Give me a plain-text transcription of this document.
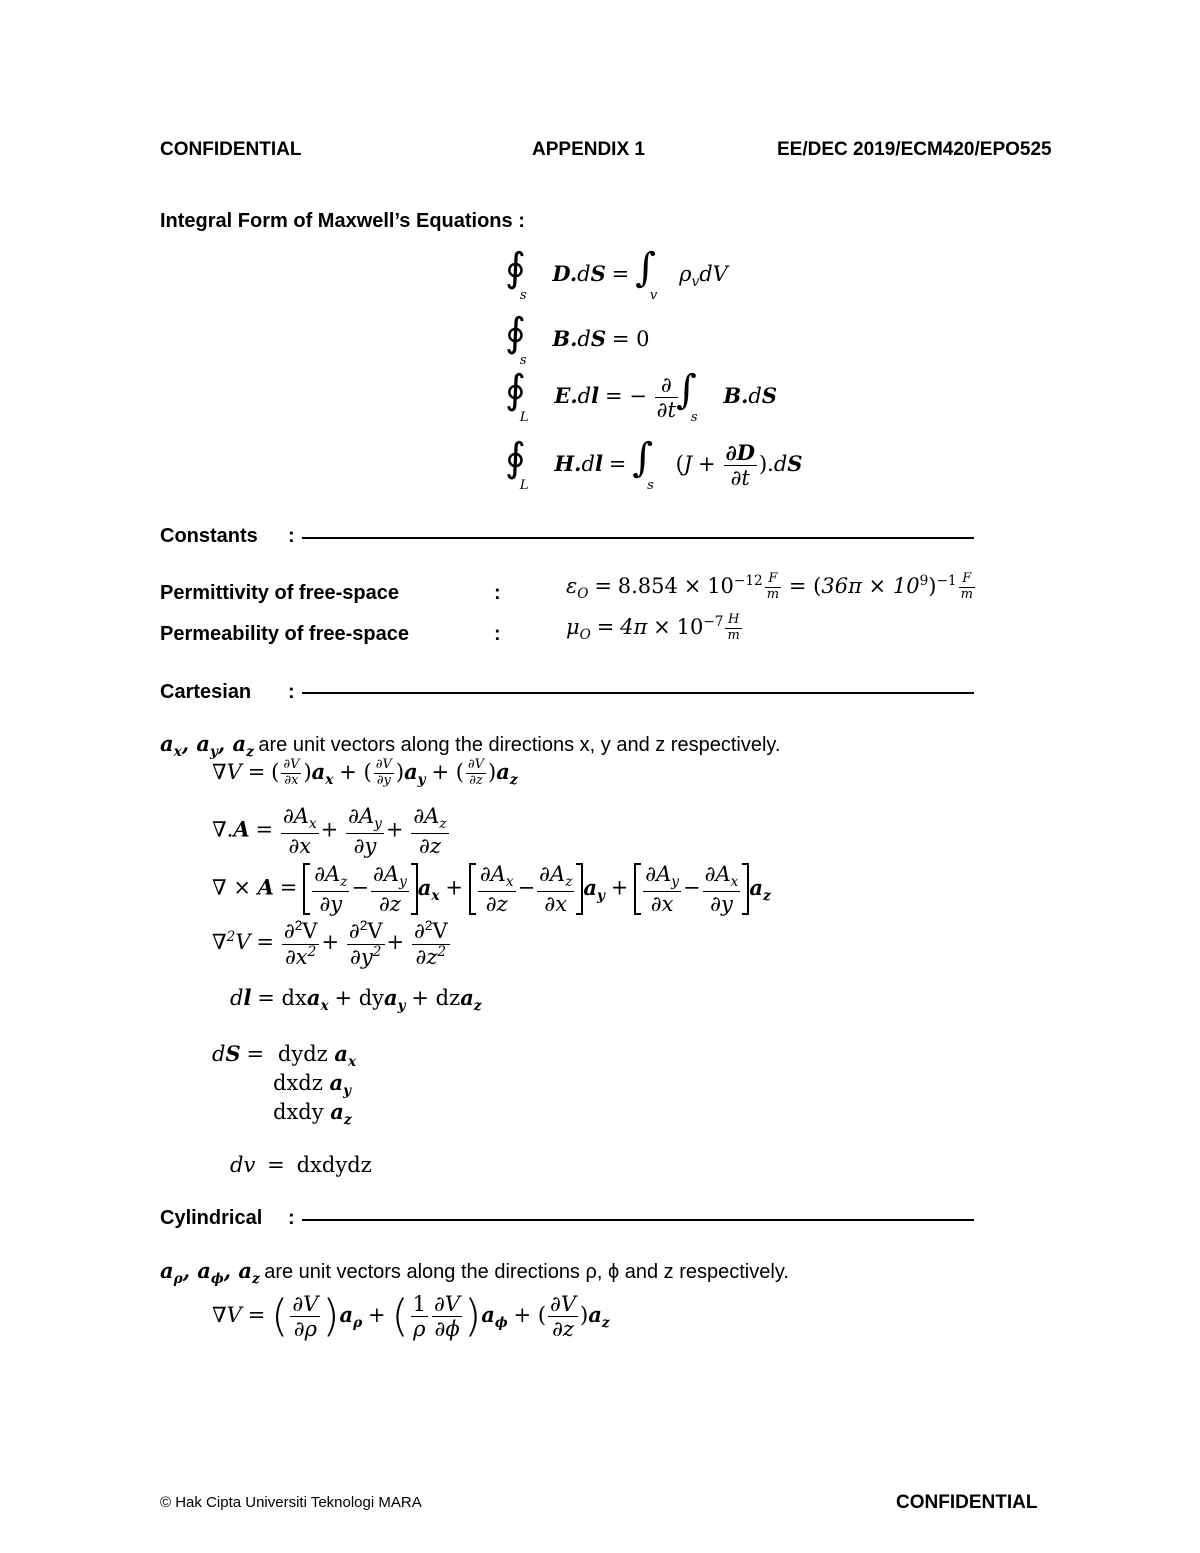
CONFIDENTIAL	APPENDIX 1	EE/DEC 2019/ECM420/EPO525
Integral Form of Maxwell’s Equations :
$∮_s$ $D.dS = \int_v$ $\rho_vdV$
$∮_s$ B.dS = 0
$∮_L$ E.dl = − $\frac{\partial}{\partial t}$
$\int_s$ B.dS
$∮_L$ $H.dl = \int_s$ $(J + \frac{\partial D}{\partial t} ).dS$
Constants :
Permittivity of free-space	:	$\varepsilon_O = 8.854 \times 10^{-12} \frac{F}{m} = (36\pi \times 10^9)^{-1} \frac{F}{m}$
Permeability of free-space	:	$\mu_O = 4\pi \times 10^{-7} \frac{H}{m}$
Cartesian :
$a_x$, $a_y$, $a_z$ are unit vectors along the directions x, y and z respectively.
∇V = ( $\frac{\partial V}{\partial x} )a_x$ + ( $\frac{\partial V}{\partial y} )a_y$ + ( $\frac{\partial V}{\partial z} )a_z$
$\nabla.A = \frac{\partial A_x}{\partial x} + \frac{\partial A_y}{\partial y} + \frac{\partial A_z}{\partial z}$
∇ × $A = \frac{\partial A_z}{\partial y} - \frac{\partial A_y}{\partial z} a_x + \frac{\partial A_x}{\partial z} - \frac{\partial A_z}{\partial x} a_y + \frac{\partial A_y}{\partial x} - \frac{\partial A_x}{\partial y} a_z$
$\nabla^2V = \frac{\partial^2V}{\partial x^2} + \frac{\partial^2V}{\partial y^2} + \frac{\partial^2V}{\partial z^2}$
dl = dxa$_x$ + dya$_y$ + dza$_z$
dS = dydz $a_x$
dxdz $a_y$
dxdy $a_z$
dv = dxdydz
Cylindrical :
$a_\rho$, $a_\phi$, $a_z$ are unit vectors along the directions ρ, ϕ and z respectively.
∇V = ( $\frac{\partial V}{\partial\rho} )a_\rho$ + ( $\frac{1}{\rho} \frac{\partial V}{\partial\phi} )a_\phi$ + ( $\frac{\partial V}{\partial z} )a_z$
© Hak Cipta Universiti Teknologi MARA	CONFIDENTIAL
